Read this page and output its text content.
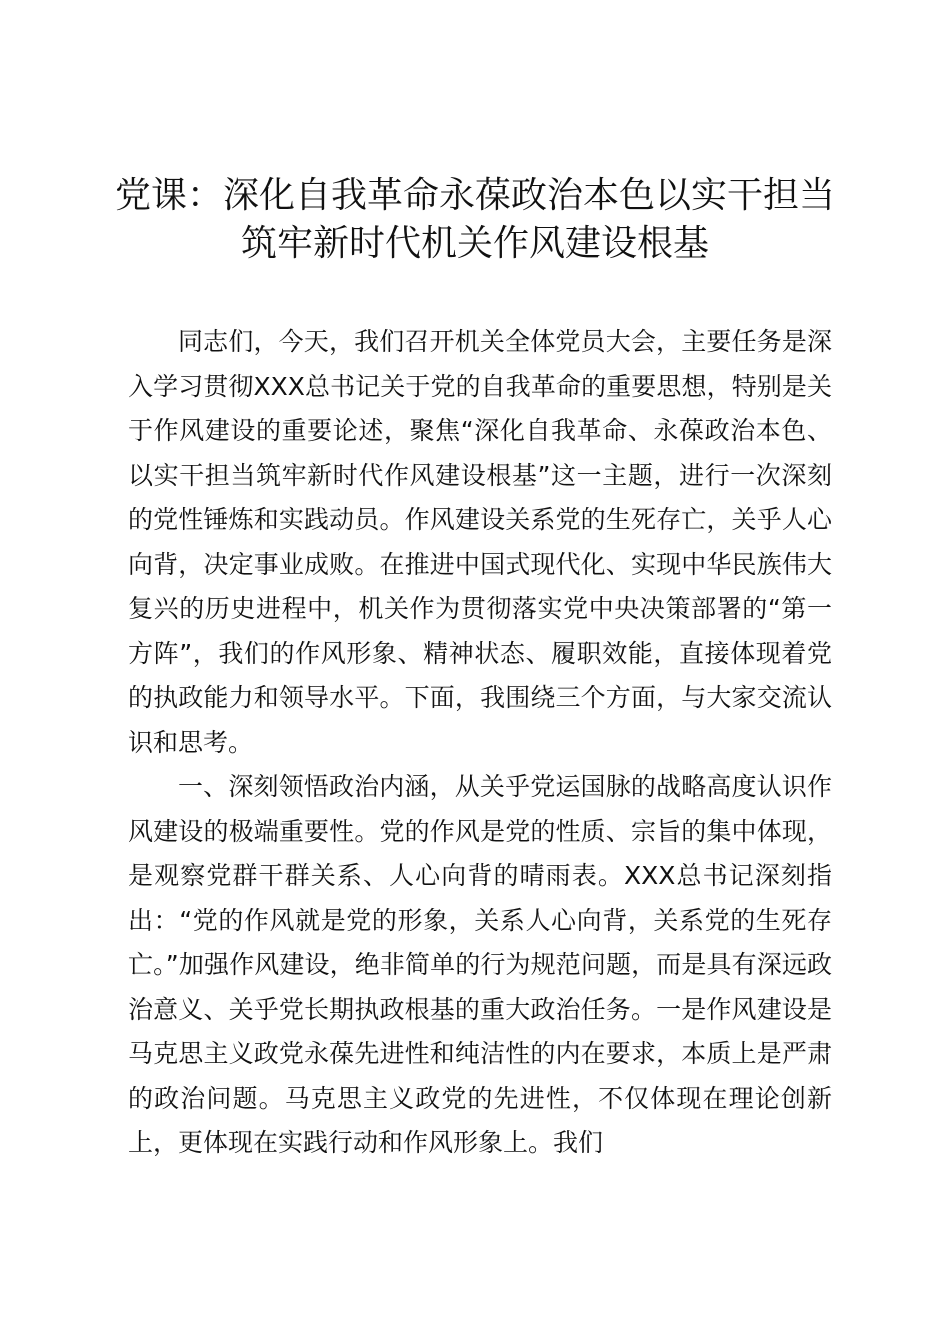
党课：深化自我革命永葆政治本色以实干担当
筑牢新时代机关作风建设根基

同志们，今天，我们召开机关全体党员大会，主要任务是深入学习贯彻XXX总书记关于党的自我革命的重要思想，特别是关于作风建设的重要论述，聚焦“深化自我革命、永葆政治本色、以实干担当筑牢新时代作风建设根基”这一主题，进行一次深刻的党性锤炼和实践动员。作风建设关系党的生死存亡，关乎人心向背，决定事业成败。在推进中国式现代化、实现中华民族伟大复兴的历史进程中，机关作为贯彻落实党中央决策部署的“第一方阵”，我们的作风形象、精神状态、履职效能，直接体现着党的执政能力和领导水平。下面，我围绕三个方面，与大家交流认识和思考。

一、深刻领悟政治内涵，从关乎党运国脉的战略高度认识作风建设的极端重要性。党的作风是党的性质、宗旨的集中体现，是观察党群干群关系、人心向背的晴雨表。XXX总书记深刻指出：“党的作风就是党的形象，关系人心向背，关系党的生死存亡。”加强作风建设，绝非简单的行为规范问题，而是具有深远政治意义、关乎党长期执政根基的重大政治任务。一是作风建设是马克思主义政党永葆先进性和纯洁性的内在要求，本质上是严肃的政治问题。马克思主义政党的先进性，不仅体现在理论创新上，更体现在实践行动和作风形象上。我们
